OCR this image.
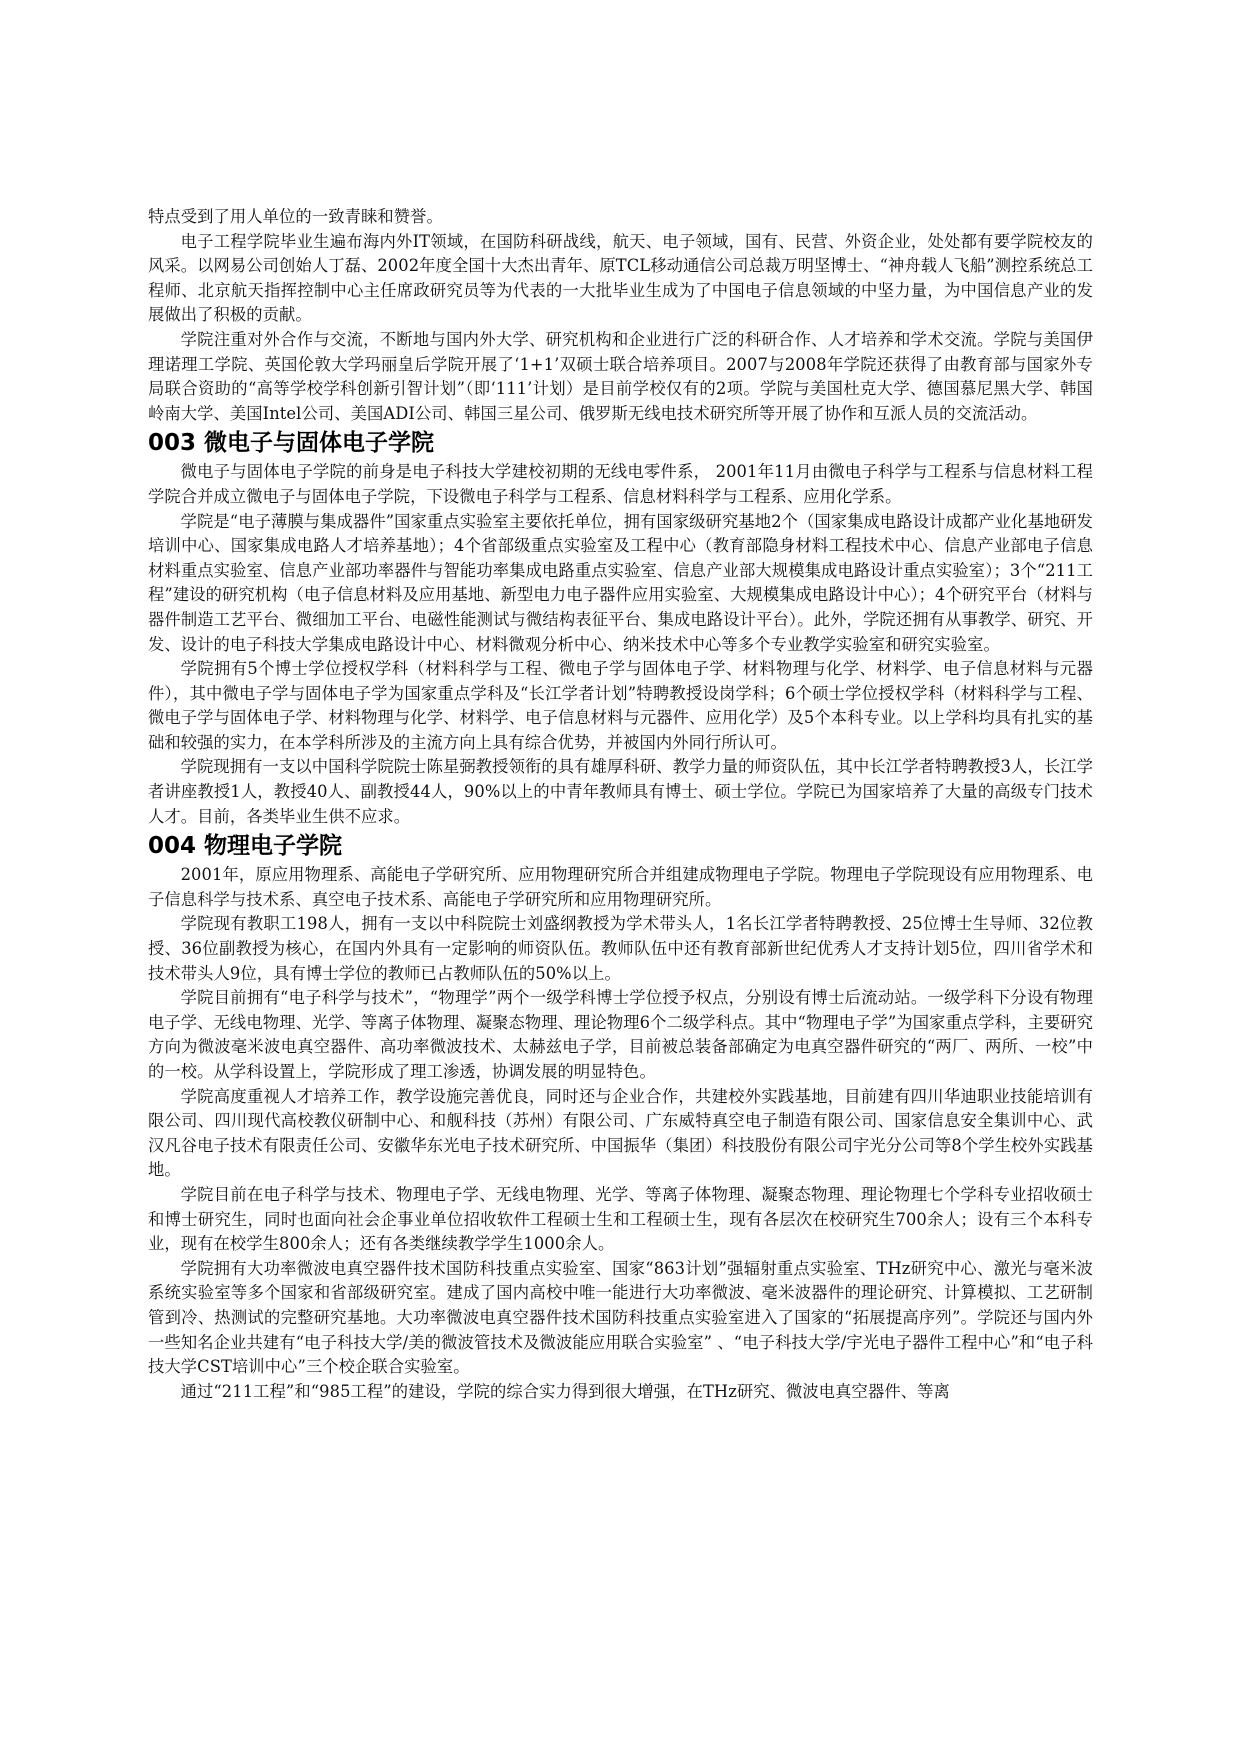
特点受到了用人单位的一致青睐和赞誉。

电子工程学院毕业生遍布海内外IT领域，在国防科研战线，航天、电子领域，国有、民营、外资企业，处处都有要学院校友的风采。以网易公司创始人丁磊、2002年度全国十大杰出青年、原TCL移动通信公司总裁万明坚博士、“神舟载人飞船”测控系统总工程师、北京航天指挥控制中心主任席政研究员等为代表的一大批毕业生成为了中国电子信息领域的中坚力量，为中国信息产业的发展做出了积极的贡献。

学院注重对外合作与交流，不断地与国内外大学、研究机构和企业进行广泛的科研合作、人才培养和学术交流。学院与美国伊理诺理工学院、英国伦敦大学玛丽皇后学院开展了‘1+1’双硕士联合培养项目。2007与2008年学院还获得了由教育部与国家外专局联合资助的“高等学校学科创新引智计划”（即‘111’计划）是目前学校仅有的2项。学院与美国杜克大学、德国慕尼黑大学、韩国岭南大学、美国Intel公司、美国ADI公司、韩国三星公司、俄罗斯无线电技术研究所等开展了协作和互派人员的交流活动。

003 微电子与固体电子学院

微电子与固体电子学院的前身是电子科技大学建校初期的无线电零件系， 2001年11月由微电子科学与工程系与信息材料工程学院合并成立微电子与固体电子学院，下设微电子科学与工程系、信息材料科学与工程系、应用化学系。

学院是“电子薄膜与集成器件”国家重点实验室主要依托单位，拥有国家级研究基地2个（国家集成电路设计成都产业化基地研发培训中心、国家集成电路人才培养基地）；4个省部级重点实验室及工程中心（教育部隐身材料工程技术中心、信息产业部电子信息材料重点实验室、信息产业部功率器件与智能功率集成电路重点实验室、信息产业部大规模集成电路设计重点实验室）；3个“211工程”建设的研究机构（电子信息材料及应用基地、新型电力电子器件应用实验室、大规模集成电路设计中心）；4个研究平台（材料与器件制造工艺平台、微细加工平台、电磁性能测试与微结构表征平台、集成电路设计平台）。此外，学院还拥有从事教学、研究、开发、设计的电子科技大学集成电路设计中心、材料微观分析中心、纳米技术中心等多个专业教学实验室和研究实验室。

学院拥有5个博士学位授权学科（材料科学与工程、微电子学与固体电子学、材料物理与化学、材料学、电子信息材料与元器件），其中微电子学与固体电子学为国家重点学科及“长江学者计划”特聘教授设岗学科；6个硕士学位授权学科（材料科学与工程、微电子学与固体电子学、材料物理与化学、材料学、电子信息材料与元器件、应用化学）及5个本科专业。以上学科均具有扎实的基础和较强的实力，在本学科所涉及的主流方向上具有综合优势，并被国内外同行所认可。

学院现拥有一支以中国科学院院士陈星弼教授领衔的具有雄厚科研、教学力量的师资队伍，其中长江学者特聘教授3人，长江学者讲座教授1人，教授40人、副教授44人，90%以上的中青年教师具有博士、硕士学位。学院已为国家培养了大量的高级专门技术人才。目前，各类毕业生供不应求。

004 物理电子学院

2001年，原应用物理系、高能电子学研究所、应用物理研究所合并组建成物理电子学院。物理电子学院现设有应用物理系、电子信息科学与技术系、真空电子技术系、高能电子学研究所和应用物理研究所。

学院现有教职工198人，拥有一支以中科院院士刘盛纲教授为学术带头人，1名长江学者特聘教授、25位博士生导师、32位教授、36位副教授为核心，在国内外具有一定影响的师资队伍。教师队伍中还有教育部新世纪优秀人才支持计划5位，四川省学术和技术带头人9位，具有博士学位的教师已占教师队伍的50%以上。

学院目前拥有“电子科学与技术”，“物理学”两个一级学科博士学位授予权点，分别设有博士后流动站。一级学科下分设有物理电子学、无线电物理、光学、等离子体物理、凝聚态物理、理论物理6个二级学科点。其中“物理电子学”为国家重点学科，主要研究方向为微波毫米波电真空器件、高功率微波技术、太赫兹电子学，目前被总装备部确定为电真空器件研究的“两厂、两所、一校”中的一校。从学科设置上，学院形成了理工渗透，协调发展的明显特色。

学院高度重视人才培养工作，教学设施完善优良，同时还与企业合作，共建校外实践基地，目前建有四川华迪职业技能培训有限公司、四川现代高校教仪研制中心、和舰科技（苏州）有限公司、广东威特真空电子制造有限公司、国家信息安全集训中心、武汉凡谷电子技术有限责任公司、安徽华东光电子技术研究所、中国振华（集团）科技股份有限公司宇光分公司等8个学生校外实践基地。

学院目前在电子科学与技术、物理电子学、无线电物理、光学、等离子体物理、凝聚态物理、理论物理七个学科专业招收硕士和博士研究生，同时也面向社会企事业单位招收软件工程硕士生和工程硕士生，现有各层次在校研究生700余人；设有三个本科专业，现有在校学生800余人；还有各类继续教学学生1000余人。

学院拥有大功率微波电真空器件技术国防科技重点实验室、国家“863计划”强辐射重点实验室、THz研究中心、激光与毫米波系统实验室等多个国家和省部级研究室。建成了国内高校中唯一能进行大功率微波、毫米波器件的理论研究、计算模拟、工艺研制管到冷、热测试的完整研究基地。大功率微波电真空器件技术国防科技重点实验室进入了国家的“拓展提高序列”。学院还与国内外一些知名企业共建有“电子科技大学/美的微波管技术及微波能应用联合实验室” 、“电子科技大学/宇光电子器件工程中心”和“电子科技大学CST培训中心”三个校企联合实验室。

通过“211工程”和“985工程”的建设，学院的综合实力得到很大增强，在THz研究、微波电真空器件、等离
